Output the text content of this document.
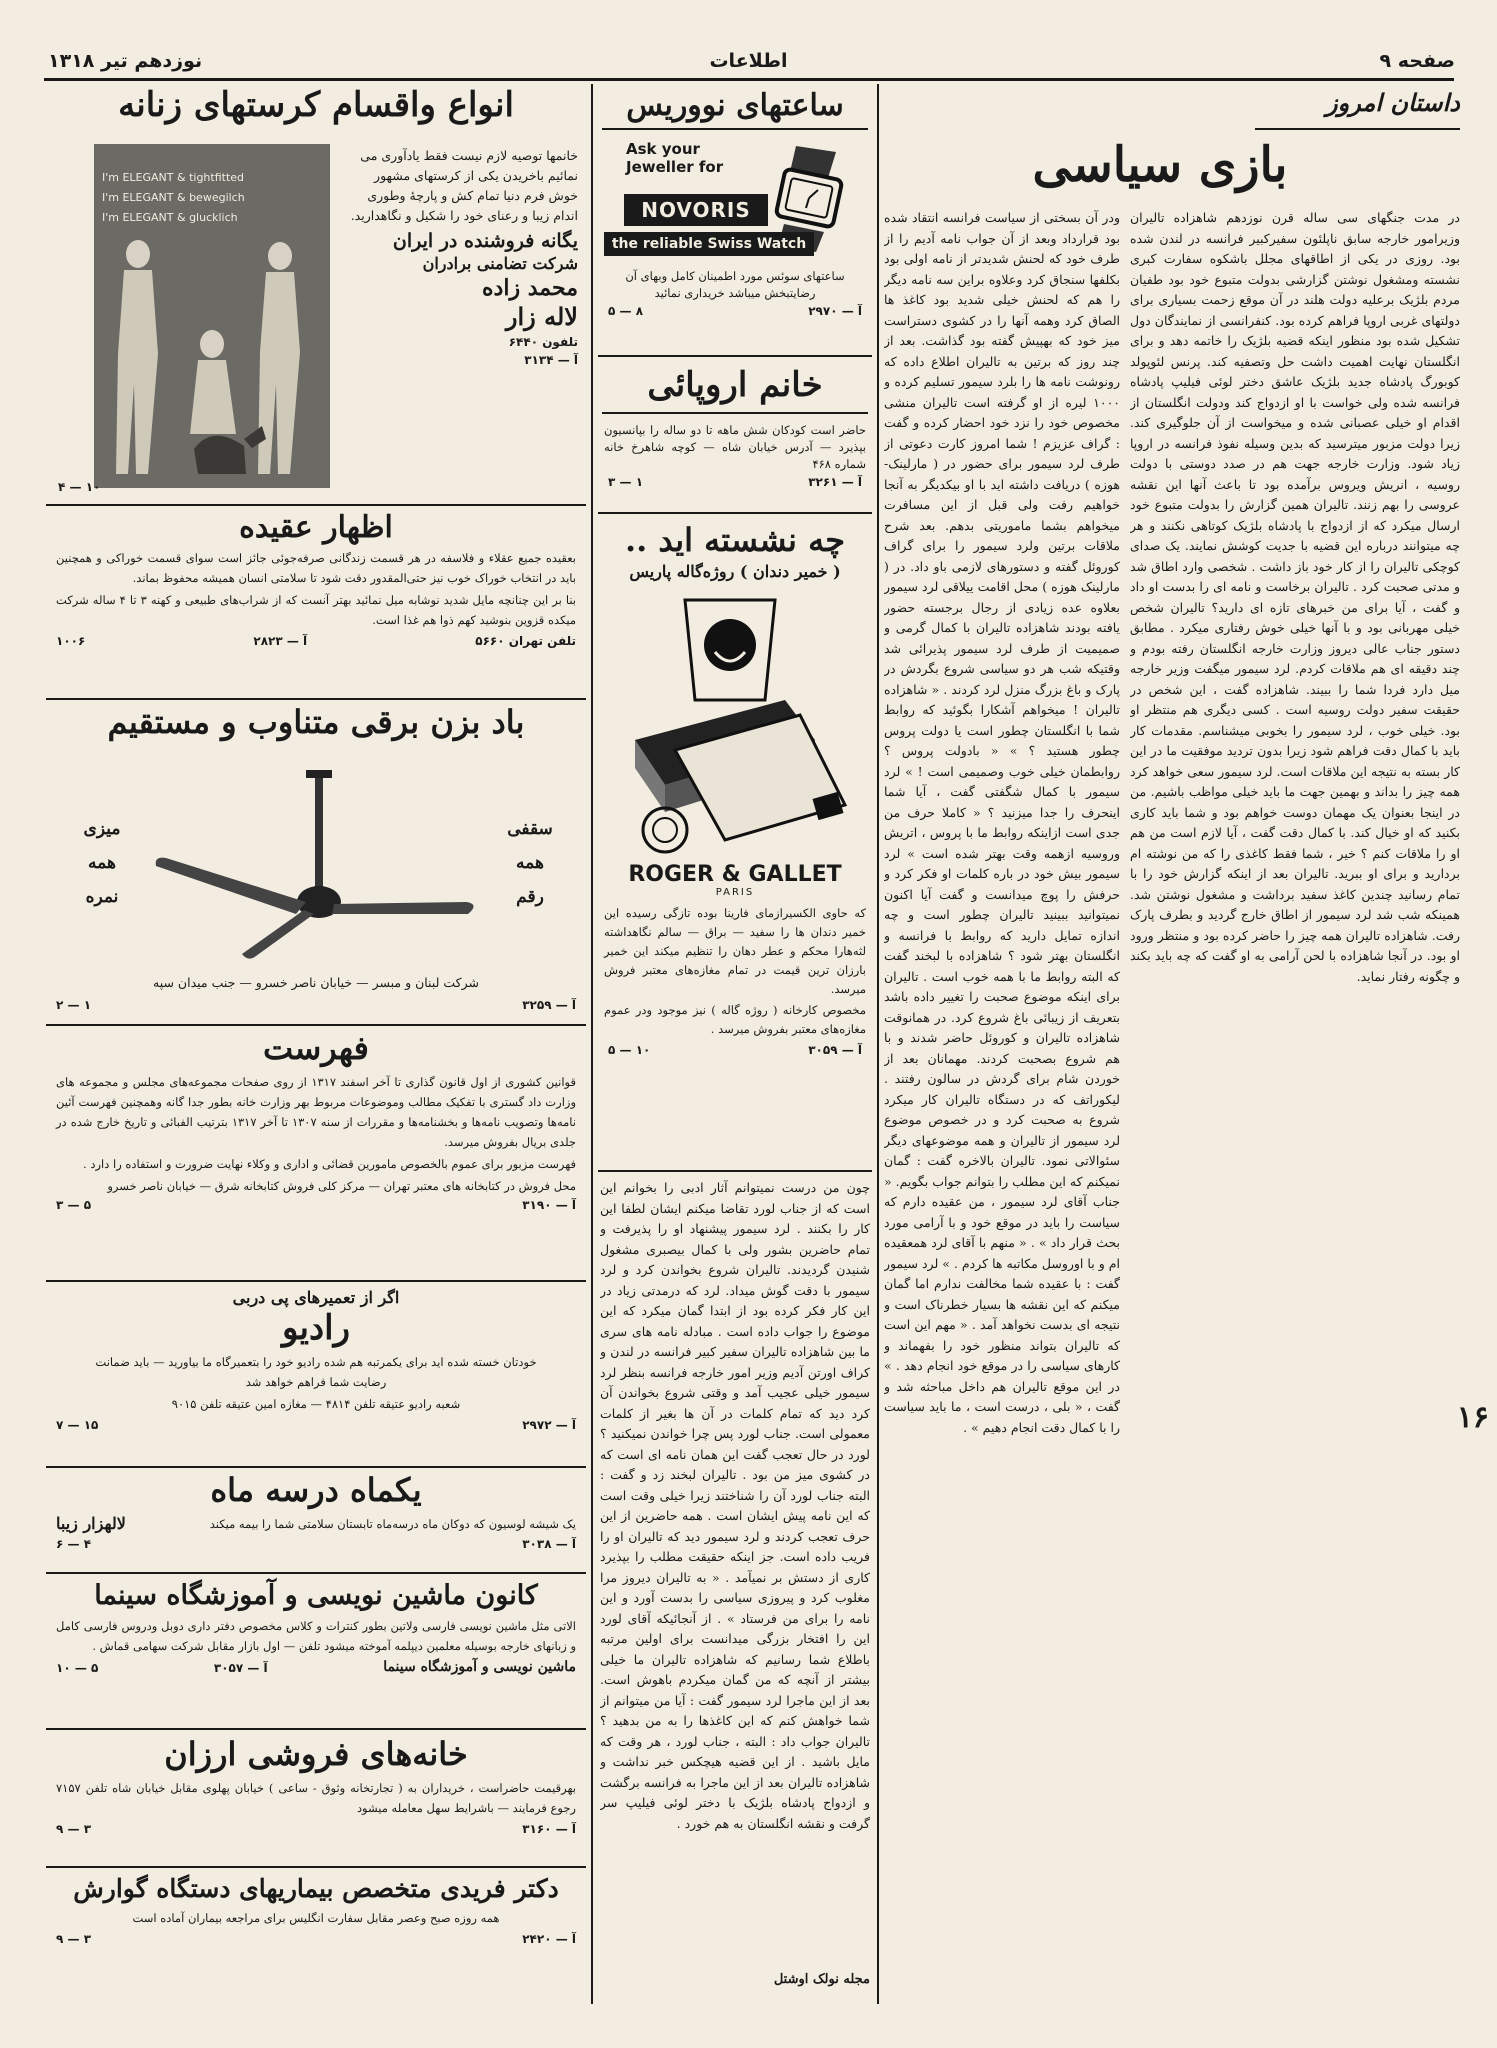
صفحه ۹
اطلاعات
نوزدهم تیر ۱۳۱۸
۱۶
داستان امروز
بازی سیاسی

در مدت جنگهای سی ساله قرن نوزدهم شاهزاده تالیران وزیرامور خارجه سابق ناپلئون سفیرکبیر فرانسه در لندن شده بود. روزی در یکی از اطاقهای مجلل باشکوه سفارت کبری نشسته ومشغول نوشتن گزارشی بدولت متبوع خود بود طفیان مردم بلژیک برعلیه دولت هلند در آن موقع زحمت بسیاری برای دولتهای غربی اروپا فراهم کرده بود. کنفرانسی از نمایندگان دول تشکیل شده بود منظور اینکه قضیه بلژیک را خاتمه دهد و برای انگلستان نهایت اهمیت داشت حل وتصفیه کند. پرنس لئوپولد کوبورگ پادشاه جدید بلژیک عاشق دختر لوئی فیلیپ پادشاه فرانسه شده ولی خواست با او ازدواج کند ودولت انگلستان از اقدام او خیلی عصبانی شده و میخواست از آن جلوگیری کند. زیرا دولت مزبور میترسید که بدین وسیله نفوذ فرانسه در اروپا زیاد شود. وزارت خارجه جهت هم در صدد دوستی با دولت روسیه ، انریش ویروس برآمده بود تا باعث آنها این نقشه عروسی را بهم زنند. تالیران همین گزارش را بدولت متبوع خود ارسال میکرد که از ازدواج با پادشاه بلژیک کوتاهی نکنند و هر چه میتوانند درباره این قضیه با جدیت کوشش نمایند. یک صدای کوچکی تالیران را از کار خود باز داشت . شخصی وارد اطاق شد و مدتی صحبت کرد . تالیران برخاست و نامه ای را بدست او داد و گفت ، آیا برای من خبرهای تازه ای دارید؟ تالیران شخص خیلی مهربانی بود و با آنها خیلی خوش رفتاری میکرد . مطابق دستور جناب عالی دیروز وزارت خارجه انگلستان رفته بودم و چند دقیقه ای هم ملاقات کردم. لرد سیمور میگفت وزیر خارجه میل دارد فردا شما را ببیند. شاهزاده گفت ، این شخص در حقیقت سفیر دولت روسیه است . کسی دیگری هم منتظر او بود. خیلی خوب ، لرد سیمور را بخوبی میشناسم. مقدمات کار باید با کمال دقت فراهم شود زیرا بدون تردید موفقیت ما در این کار بسته به نتیجه این ملاقات است. لرد سیمور سعی خواهد کرد همه چیز را بداند و بهمین جهت ما باید خیلی مواظب باشیم. من در اینجا بعنوان یک مهمان دوست خواهم بود و شما باید کاری بکنید که او خیال کند. با کمال دقت گفت ، آیا لازم است من هم او را ملاقات کنم ؟ خیر ، شما فقط کاغذی را که من نوشته ام بردارید و برای او ببرید. تالیران بعد از اینکه گزارش خود را با تمام رسانید چندین کاغذ سفید برداشت و مشغول نوشتن شد. همینکه شب شد لرد سیمور از اطاق خارج گردید و بطرف پارک رفت. شاهزاده تالیران همه چیز را حاضر کرده بود و منتظر ورود او بود. در آنجا شاهزاده با لحن آرامی به او گفت که چه باید بکند و چگونه رفتار نماید.

ودر آن بسختی از سیاست فرانسه انتقاد شده بود قرارداد وبعد از آن جواب نامه آدیم را از طرف خود که لحنش شدیدتر از نامه اولی بود بکلفها سنجاق کرد وعلاوه براین سه نامه دیگر را هم که لحنش خیلی شدید بود کاغذ ها الصاق کرد وهمه آنها را در کشوی دستراست میز خود که بهپیش گفته بود گذاشت. بعد از چند روز که برتین به تالیران اطلاع داده که رونوشت نامه ها را بلرد سیمور تسلیم کرده و ۱۰۰۰ لیره از او گرفته است تالیران منشی مخصوص خود را نزد خود احضار کرده و گفت : گراف عزیزم ! شما امروز کارت دعوتی از طرف لرد سیمور برای حضور در ( مارلینک- هوزه ) دریافت داشته اید با او بیکدیگر به آنجا خواهیم رفت ولی قبل از این مسافرت میخواهم بشما ماموریتی بدهم. بعد شرح ملاقات برتین ولرد سیمور را برای گراف کوروئل گفته و دستورهای لازمی باو داد. در ( مارلینک هوزه ) محل اقامت ییلاقی لرد سیمور بعلاوه عده زیادی از رجال برجسته حضور یافته بودند شاهزاده تالیران با کمال گرمی و صمیمیت از طرف لرد سیمور پذیرائی شد وقتیکه شب هر دو سیاسی شروع بگردش در پارک و باغ بزرگ منزل لرد کردند . « شاهزاده تالیران ! میخواهم آشکارا بگوئید که روابط شما با انگلستان چطور است یا دولت پروس چطور هستید ؟ » « بادولت پروس ؟ روابطمان خیلی خوب وصمیمی است ! » لرد سیمور با کمال شگفتی گفت ، آیا شما اینحرف را جدا میزنید ؟ « کاملا حرف من جدی است ازاینکه روابط ما با پروس ، اتریش وروسیه ازهمه وقت بهتر شده است » لرد سیمور بیش خود در باره کلمات او فکر کرد و حرفش را پوچ میدانست و گفت آیا اکنون نمیتوانید ببینید تالیران چطور است و چه اندازه تمایل دارید که روابط با فرانسه و انگلستان بهتر شود ؟ شاهزاده با لبخند گفت که البته روابط ما با همه خوب است . تالیران برای اینکه موضوع صحبت را تغییر داده باشد بتعریف از زیبائی باغ شروع کرد. در همانوقت شاهزاده تالیران و کوروئل حاضر شدند و با هم شروع بصحبت کردند. مهمانان بعد از خوردن شام برای گردش در سالون رفتند . لیکوراتف که در دستگاه تالیران کار میکرد شروع به صحبت کرد و در خصوص موضوع لرد سیمور از تالیران و همه موضوعهای دیگر سئوالاتی نمود. تالیران بالاخره گفت : گمان نمیکنم که این مطلب را بتوانم جواب بگویم. « جناب آقای لرد سیمور ، من عقیده دارم که سیاست را باید در موقع خود و با آرامی مورد بحث قرار داد » . « منهم با آقای لرد همعقیده ام و با اوروسل مکاتبه ها کردم . » لرد سیمور گفت : با عقیده شما مخالفت ندارم اما گمان میکنم که این نقشه ها بسیار خطرناک است و نتیجه ای بدست نخواهد آمد . « مهم این است که تالیران بتواند منظور خود را بفهماند و کارهای سیاسی را در موقع خود انجام دهد . » در این موقع تالیران هم داخل مباحثه شد و گفت ، « بلی ، درست است ، ما باید سیاست را با کمال دقت انجام دهیم » .

ساعتهای نووریس
Ask your Jeweller for
NOVORIS
the reliable Swiss Watch

ساعتهای سوئس مورد اطمینان کامل وبهای آن رضایتبخش میباشد خریداری نمائید

آ — ۲۹۷۰
۸ — ۵
خانم اروپائی

حاضر است کودکان شش ماهه تا دو ساله را بپانسیون بپذیرد — آدرس خیابان شاه — کوچه شاهرخ خانه شماره ۴۶۸

آ — ۳۲۶۱
۱ — ۳
چه نشسته اید ..
( خمیر دندان ) روژه‌گاله پاریس
ROGER & GALLET
PARIS

که حاوی الکسیرازمای فارینا بوده تازگی رسیده این خمیر دندان ها را سفید — براق — سالم نگاهداشته لثه‌هارا محکم و عطر دهان را تنظیم میکند این خمیر بارزان ترین قیمت در تمام مغازه‌های معتبر فروش میرسد.

مخصوص کارخانه ( روژه گاله ) نیز موجود ودر عموم مغازه‌های معتبر بفروش میرسد .

آ — ۳۰۵۹
۱۰ — ۵

چون من درست نمیتوانم آثار ادبی را بخوانم این است که از جناب لورد تقاضا میکنم ایشان لطفا این کار را بکنند . لرد سیمور پیشنهاد او را پذیرفت و تمام حاضرین بشور ولی با کمال بیصبری مشغول شنیدن گردیدند. تالیران شروع بخواندن کرد و لرد سیمور با دقت گوش میداد. لرد که درمدتی زیاد در این کار فکر کرده بود از ابتدا گمان میکرد که این موضوع را جواب داده است . مبادله نامه های سری ما بین شاهزاده تالیران سفیر کبیر فرانسه در لندن و کراف اورتن آدیم وزیر امور خارجه فرانسه بنظر لرد سیمور خیلی عجیب آمد و وقتی شروع بخواندن آن کرد دید که تمام کلمات در آن ها بغیر از کلمات معمولی است. جناب لورد پس چرا خواندن نمیکنید ؟ لورد در حال تعجب گفت این همان نامه ای است که در کشوی میز من بود . تالیران لبخند زد و گفت : البته جناب لورد آن را شناختند زیرا خیلی وقت است که این نامه پیش ایشان است . همه حاضرین از این حرف تعجب کردند و لرد سیمور دید که تالیران او را فریب داده است. جز اینکه حقیقت مطلب را بپذیرد کاری از دستش بر نمیآمد . « به تالیران دیروز مرا مغلوب کرد و پیروزی سیاسی را بدست آورد و این نامه را برای من فرستاد » . از آنجائیکه آقای لورد این را افتخار بزرگی میدانست برای اولین مرتبه باطلاع شما رسانیم که شاهزاده تالیران ما خیلی بیشتر از آنچه که من گمان میکردم باهوش است. بعد از این ماجرا لرد سیمور گفت : آیا من میتوانم از شما خواهش کنم که این کاغذها را به من بدهید ؟ تالیران جواب داد : البته ، جناب لورد ، هر وقت که مایل باشید . از این قضیه هیچکس خبر نداشت و شاهزاده تالیران بعد از این ماجرا به فرانسه برگشت و ازدواج پادشاه بلژیک با دختر لوئی فیلیپ سر گرفت و نقشه انگلستان به هم خورد .

مجله نولک اوشتل
انواع واقسام کرستهای زنانه
I'm ELEGANT & tightfitted
I'm ELEGANT & bewegilch
I'm ELEGANT & glucklich

خانمها توصیه لازم نیست فقط یادآوری می نمائیم باخریدن یکی از کرستهای مشهور خوش فرم دنیا تمام کش و پارچۀ وطوری اندام زیبا و رعنای خود را شکیل و نگاهدارید.

یگانه فروشنده در ایران
شرکت تضامنی برادران
محمد زاده
لاله زار
تلفون ۶۴۴۰
آ — ۳۱۳۴
۱۰ — ۴
اظهار عقیده

بعقیده جمیع عقلاء و فلاسفه در هر قسمت زندگانی صرفه‌جوئی جائز است سوای قسمت خوراکی و همچنین باید در انتخاب خوراک خوب نیز حتی‌المقدور دقت شود تا سلامتی انسان همیشه محفوظ بماند.

بنا بر این چنانچه مایل شدید نوشابه میل نمائید بهتر آنست که از شراب‌های طبیعی و کهنه ۳ تا ۴ ساله شرکت میکده قزوین بنوشید کهم ذوا هم غذا است.

تلفن تهران ۵۶۶۰
آ — ۲۸۲۳
۱۰۰۶
باد بزن برقی متناوب و مستقیم
سقفی
همه
رقم
میزی
همه
نمره
شرکت لبنان و مبسر — خیابان ناصر خسرو — جنب میدان سپه
آ — ۳۲۵۹
۱ — ۲
فهرست

قوانین کشوری از اول قانون گذاری تا آخر اسفند ۱۳۱۷ از روی صفحات مجموعه‌های مجلس و مجموعه های وزارت داد گستری با تفکیک مطالب وموضوعات مربوط بهر وزارت خانه بطور جدا گانه وهمچنین فهرست آئین نامه‌ها وتصویب نامه‌ها و بخشنامه‌ها و مقررات از سنه ۱۳۰۷ تا آخر ۱۳۱۷ بترتیب الفبائی و تاریخ خارج شده در جلدی بریال بفروش میرسد.

فهرست مزبور برای عموم بالخصوص مامورین قضائی و اداری و وکلاء نهایت ضرورت و استفاده را دارد .

محل فروش در کتابخانه های معتبر تهران — مرکز کلی فروش کتابخانه شرق — خیابان ناصر خسرو

آ — ۳۱۹۰
۵ — ۳
اگر از تعمیرهای پی دربی
رادیو

خودتان خسته شده اید برای یکمرتبه هم شده رادیو خود را بتعمیرگاه ما بیاورید — باید ضمانت رضایت شما فراهم خواهد شد

شعبه رادیو عتیقه تلفن ۴۸۱۴ — مغازه امین عتیقه تلفن ۹۰۱۵

آ — ۲۹۷۲
۱۵ — ۷
یکماه درسه ماه
یک شیشه لوسیون که دوکان ماه درسه‌ماه تابستان سلامتی شما را بیمه میکند
لالهزار زیبا
آ — ۳۰۳۸
۴ — ۶
کانون ماشین نویسی و آموزشگاه سینما

الاتی مثل ماشین نویسی فارسی ولاتین بطور کنترات و کلاس مخصوص دفتر داری دوبل ودروس فارسی کامل و زبانهای خارجه بوسیله معلمین دیپلمه آموخته میشود تلفن — اول بازار مقابل شرکت سهامی قماش .

ماشین نویسی و آموزشگاه سینما
آ — ۳۰۵۷
۵ — ۱۰
خانه‌های فروشی ارزان

بهرقیمت حاضراست ، خریداران به ( تجارتخانه وثوق - ساعی ) خیابان پهلوی مقابل خیابان شاه تلفن ۷۱۵۷ رجوع فرمایند — باشرایط سهل معامله میشود

آ — ۳۱۶۰
۳ — ۹
دکتر فریدی متخصص بیماریهای دستگاه گوارش

همه روزه صبح وعصر مقابل سفارت انگلیس برای مراجعه بیماران آماده است

آ — ۲۴۲۰
۳ — ۹
